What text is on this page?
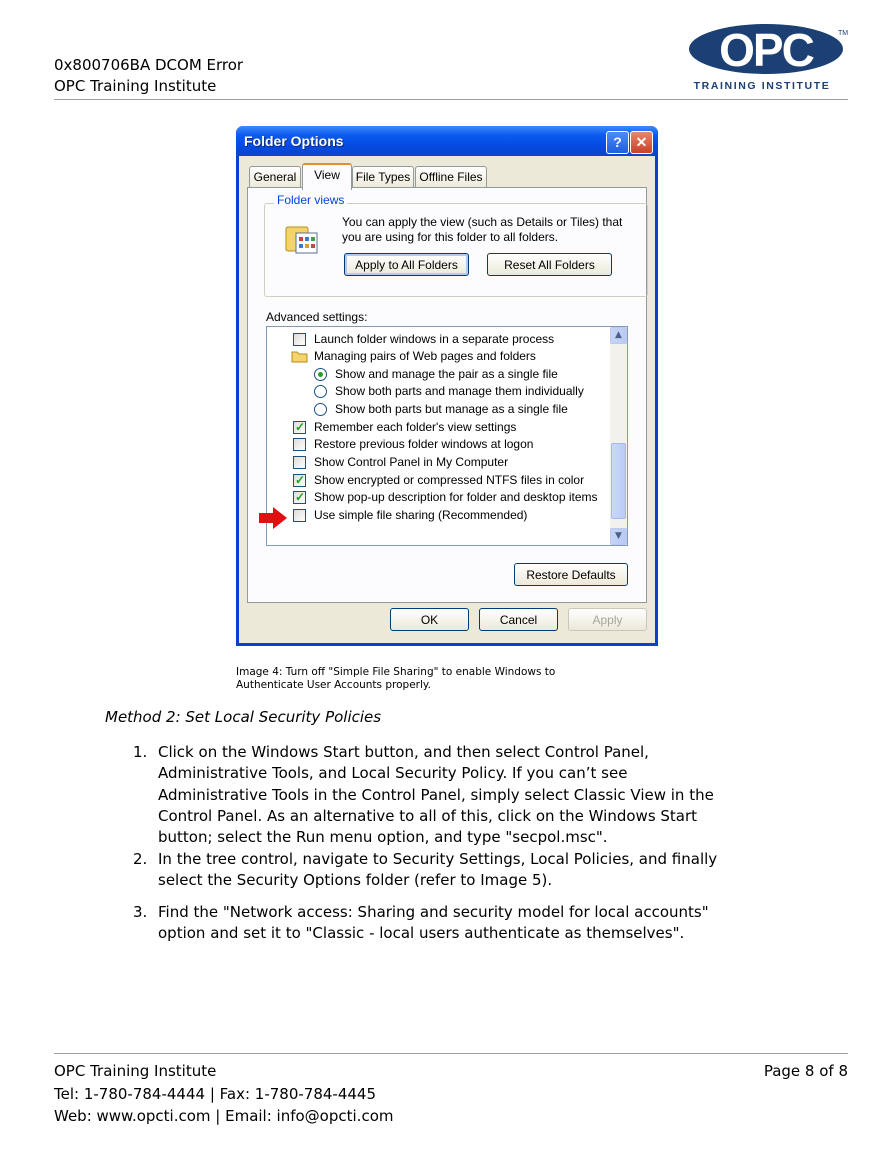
0x800706BA DCOM Error
OPC Training Institute
OPC	TM
TRAINING INSTITUTE
Folder Options	? ✕
General	View	File Types Offline Files
Folder views
You can apply the view (such as Details or Tiles) that you are using for this folder to all folders.
Apply to All Folders	Reset All Folders
Advanced settings:
Launch folder windows in a separate process
Managing pairs of Web pages and folders
Show and manage the pair as a single file
Show both parts and manage them individually
Show both parts but manage as a single file
✓ Remember each folder's view settings
Restore previous folder windows at logon
Show Control Panel in My Computer
✓ Show encrypted or compressed NTFS files in color
✓ Show pop-up description for folder and desktop items
Use simple file sharing (Recommended)
▲
▼
Restore Defaults
OK	Cancel	Apply
Image 4: Turn off "Simple File Sharing" to enable Windows to
Authenticate User Accounts properly.
Method 2: Set Local Security Policies
1. Click on the Windows Start button, and then select Control Panel,
Administrative Tools, and Local Security Policy. If you can’t see
Administrative Tools in the Control Panel, simply select Classic View in the
Control Panel. As an alternative to all of this, click on the Windows Start
button; select the Run menu option, and type "secpol.msc".
2. In the tree control, navigate to Security Settings, Local Policies, and finally
select the Security Options folder (refer to Image 5).
3. Find the "Network access: Sharing and security model for local accounts"
option and set it to "Classic - local users authenticate as themselves".
OPC Training Institute	Page 8 of 8
Tel: 1-780-784-4444 | Fax: 1-780-784-4445
Web: www.opcti.com | Email: info@opcti.com
